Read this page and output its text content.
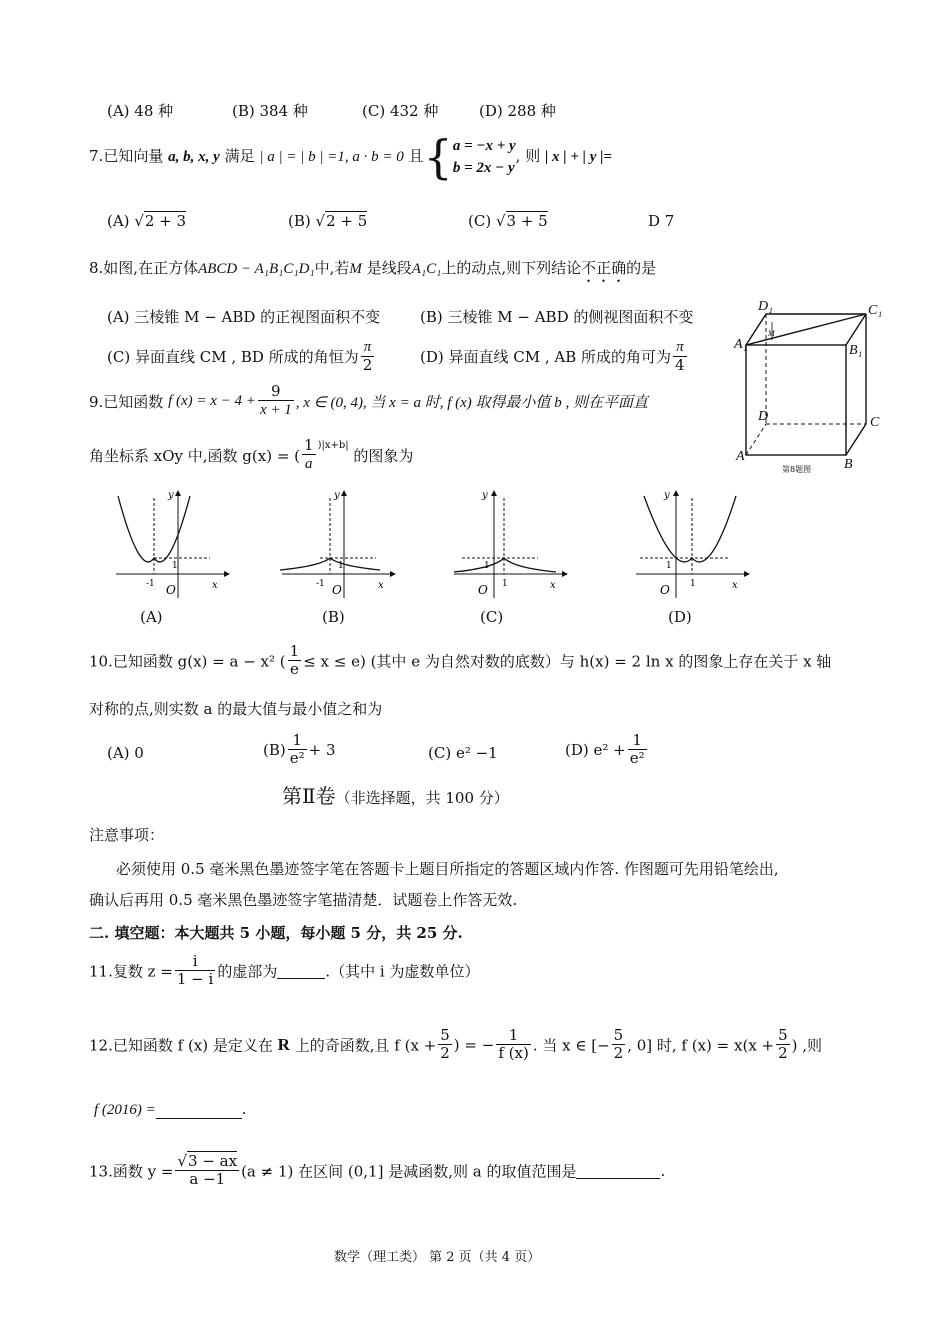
(A) 48 种	(B) 384 种	(C) 432 种	(D) 288 种
7.已知向量 a, b, x, y 满足 | a | = | b | =1, a · b = 0 且{ a = −x + y
b = 2x − y
, 则 | x | + | y |=
(A) √2 + 3	(B) √2 + 5	(C) √3 + 5	D 7
8.如图,在正方体ABCD − A₁B₁C₁D₁中,若M 是线段A₁C₁上的动点,则下列结论不正确的是
(A) 三棱锥 M − ABD 的正视图面积不变	(B) 三棱锥 M − ABD 的侧视图面积不变
(C) 异面直线 CM , BD 所成的角恒为 $\frac{\pi}{2}$	(D) 异面直线 CM , AB 所成的角可为 $\frac{\pi}{4}$
D₁	C₁
A₁	B₁
M
D	C
A
B
第8题图
9.已知函数 f $(x) = x - 4 + \frac{9}{x + 1}$ , x ∈ (0, 4), 当 x = a 时, f (x) 取得最小值 b , 则在平面直
角坐标系 xOy 中,函数 g(x) = ( $\frac{1}{a} ^{)|x+b|}$ 的图象为
y
x
O
1
-1
y
x
O
1
-1
y
x
O
1
1
y
x
O
1
1
(A)	(B)	(C)	(D)
10.已知函数 g(x) = a − x² ( $\frac{1}{e} \le x \le e$) (其中 e 为自然对数的底数）与 h(x) = 2 ln x 的图象上存在关于 x 轴
对称的点,则实数 a 的最大值与最小值之和为
(A) 0	$(B) \frac{1}{\text{e²}} + 3$	(C) e² −1	(D) $e^2 + \frac{1}{\text{e²}}$
第Ⅱ卷（非选择题，共 100 分）
注意事项：
必须使用 0.5 毫米黑色墨迹签字笔在答题卡上题目所指定的答题区域内作答. 作图题可先用铅笔绘出,
确认后再用 0.5 毫米黑色墨迹签字笔描清楚．试题卷上作答无效.
二. 填空题：本大题共 5 小题，每小题 5 分，共 25 分.
11.复数 $z = \frac{i}{1 - i}$ 的虚部为	.（其中 i 为虚数单位）
12.已知函数 f (x) 是定义在 R 上的奇函数,且 f ($x + \frac{5}{2}$ ) = − $\frac{1}{f (x)}$ . 当 x ∈ [− $\frac{5}{2}$ , 0] 时, f $(x) = x(x + \frac{5}{2}$ ) ,则
f (2016) =	.
13.函数 $y = \frac{√3 - ax}{a -1} (a \ne 1)$ 在区间 (0,1] 是减函数,则 a 的取值范围是	.
数学（理工类） 第 2 页（共 4 页）
